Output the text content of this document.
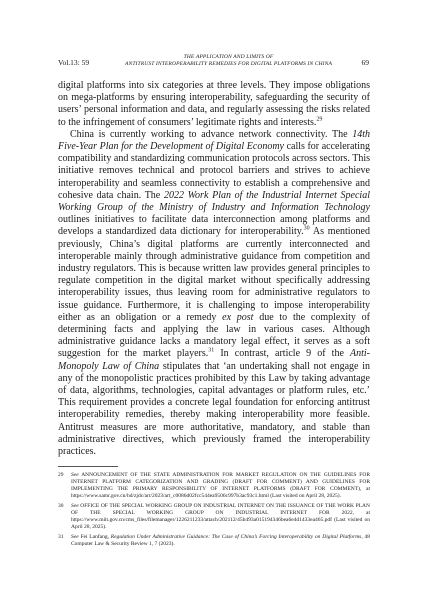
Vol.13: 59
THE APPLICATION AND LIMITS OF
ANTITRUST INTEROPERABILITY REMEDIES FOR DIGITAL PLATFORMS IN CHINA	69

digital platforms into six categories at three levels. They impose obligations on mega-platforms by ensuring interoperability, safeguarding the security of users’ personal information and data, and regularly assessing the risks related to the infringement of consumers’ legitimate rights and interests.$^{29}$

China is currently working to advance network connectivity. The 14th Five-Year Plan for the Development of Digital Economy calls for accelerating compatibility and standardizing communication protocols across sectors. This initiative removes technical and protocol barriers and strives to achieve interoperability and seamless connectivity to establish a comprehensive and cohesive data chain. The 2022 Work Plan of the Industrial Internet Special Working Group of the Ministry of Industry and Information Technology outlines initiatives to facilitate data interconnection among platforms and develops a standardized data dictionary for interoperability.$^{30}$ As mentioned previously, China’s digital platforms are currently interconnected and interoperable mainly through administrative guidance from competition and industry regulators. This is because written law provides general principles to regulate competition in the digital market without specifically addressing interoperability issues, thus leaving room for administrative regulators to issue guidance. Furthermore, it is challenging to impose interoperability either as an obligation or a remedy ex post due to the complexity of determining facts and applying the law in various cases. Although administrative guidance lacks a mandatory legal effect, it serves as a soft suggestion for the market players.$^{31}$ In contrast, article 9 of the Anti-Monopoly Law of China stipulates that ‘an undertaking shall not engage in any of the monopolistic practices prohibited by this Law by taking advantage of data, algorithms, technologies, capital advantages or platform rules, etc.’ This requirement provides a concrete legal foundation for enforcing antitrust interoperability remedies, thereby making interoperability more feasible. Antitrust measures are more authoritative, mandatory, and stable than administrative directives, which previously framed the interoperability practices.

29	See ANNOUNCEMENT OF THE STATE ADMINISTRATION FOR MARKET REGULATION ON THE GUIDELINES FOR INTERNET PLATFORM CATEGORIZATION AND GRADING (DRAFT FOR COMMENT) AND GUIDELINES FOR IMPLEMENTING THE PRIMARY RESPONSIBILITY OF INTERNET PLATFORMS (DRAFT FOR COMMENT), at https://www.samr.gov.cn/hd/zjdc/art/2023/art_c0086d02fcc544ea9506c997b3ac93c1.html (Last visited on April 28, 2025).
30	See OFFICE OF THE SPECIAL WORKING GROUP ON INDUSTRIAL INTERNET ON THE ISSUANCE OF THE WORK PLAN OF THE SPECIAL WORKING GROUP ON INDUSTRIAL INTERNET FOR 2022, at https://www.miit.gov.cn/cms_files/filemanager/1226211233/attach/202112/45b493a015194346bea6e4d1433ea465.pdf (Last visited on April 28, 2025).
31	See Fei Lanfang, Regulation Under Administrative Guidance: The Case of China’s Forcing Interoperability on Digital Platforms, 48 Computer Law & Security Review 1, 7 (2023).
